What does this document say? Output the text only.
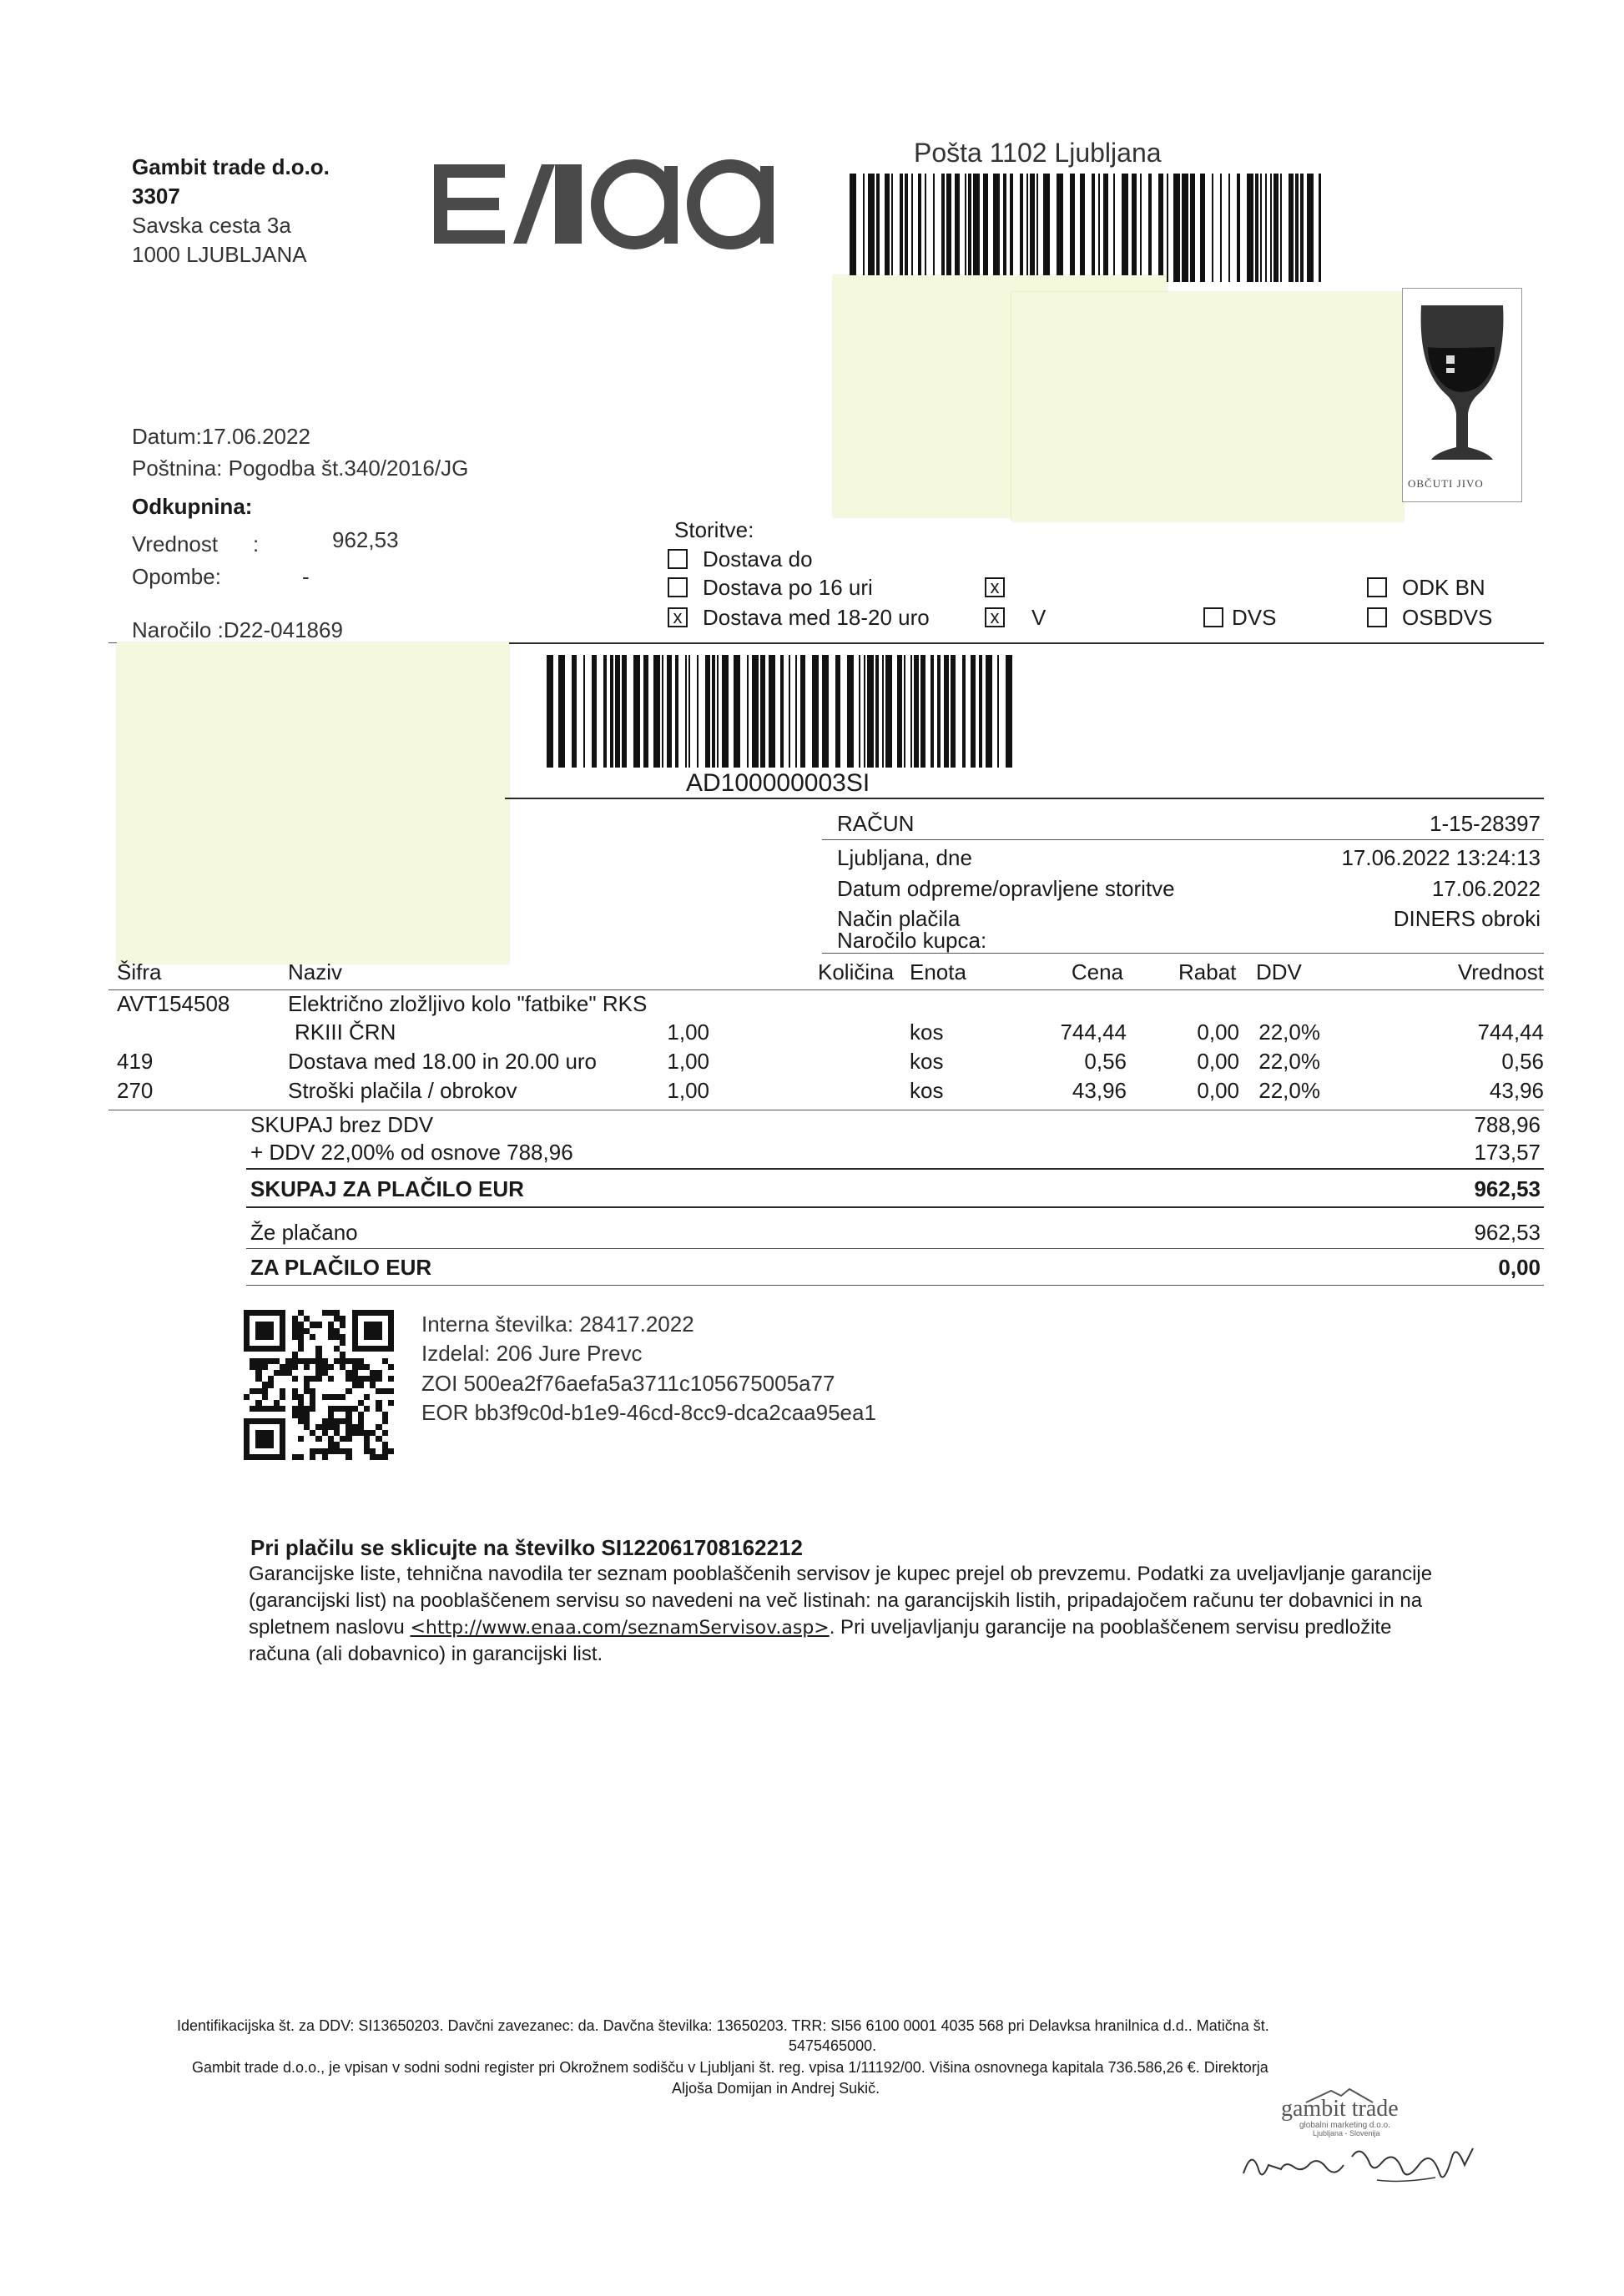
Gambit trade d.o.o.
3307
Savska cesta 3a
1000 LJUBLJANA
Pošta 1102 Ljubljana
OBČUTI JIVO
Datum:17.06.2022
Poštnina: Pogodba št.340/2016/JG
Odkupnina:
Vrednost :	962,53
Opombe:	-
Naročilo :D22-041869
Storitve:
Dostava do
Dostava po 16 uri
x Dostava med 18-20 uro
x
x V	DVS
ODK BN
OSBDVS
AD100000003SI
RAČUN	1-15-28397
Ljubljana, dne	17.06.2022 13:24:13
Datum odpreme/opravljene storitve	17.06.2022
Način plačila	DINERS obroki
Naročilo kupca:
Šifra	Naziv	Količina Enota	Cena	Rabat DDV	Vrednost
AVT154508	Električno zložljivo kolo "fatbike" RKS
RKIII ČRN	1,00	kos	744,44	0,00 22,0%	744,44
419	Dostava med 18.00 in 20.00 uro	1,00	kos	0,56	0,00 22,0%	0,56
270	Stroški plačila / obrokov	1,00	kos	43,96	0,00 22,0%	43,96
SKUPAJ brez DDV	788,96
+ DDV 22,00% od osnove 788,96	173,57
SKUPAJ ZA PLAČILO EUR	962,53
Že plačano	962,53
ZA PLAČILO EUR	0,00
Interna številka: 28417.2022
Izdelal: 206 Jure Prevc
ZOI 500ea2f76aefa5a3711c105675005a77
EOR bb3f9c0d-b1e9-46cd-8cc9-dca2caa95ea1
Pri plačilu se sklicujte na številko SI122061708162212
Garancijske liste, tehnična navodila ter seznam pooblaščenih servisov je kupec prejel ob prevzemu. Podatki za uveljavljanje garancije
(garancijski list) na pooblaščenem servisu so navedeni na več listinah: na garancijskih listih, pripadajočem računu ter dobavnici in na
spletnem naslovu <http://www.enaa.com/seznamServisov.asp>. Pri uveljavljanju garancije na pooblaščenem servisu predložite
računa (ali dobavnico) in garancijski list.
Identifikacijska št. za DDV: SI13650203. Davčni zavezanec: da. Davčna številka: 13650203. TRR: SI56 6100 0001 4035 568 pri Delavksa hranilnica d.d.. Matična št.
5475465000.
Gambit trade d.o.o., je vpisan v sodni sodni register pri Okrožnem sodišču v Ljubljani št. reg. vpisa 1/11192/00. Višina osnovnega kapitala 736.586,26 €. Direktorja
Aljoša Domijan in Andrej Sukič.
gambit trade
globalni marketing d.o.o.
Ljubljana - Slovenija
